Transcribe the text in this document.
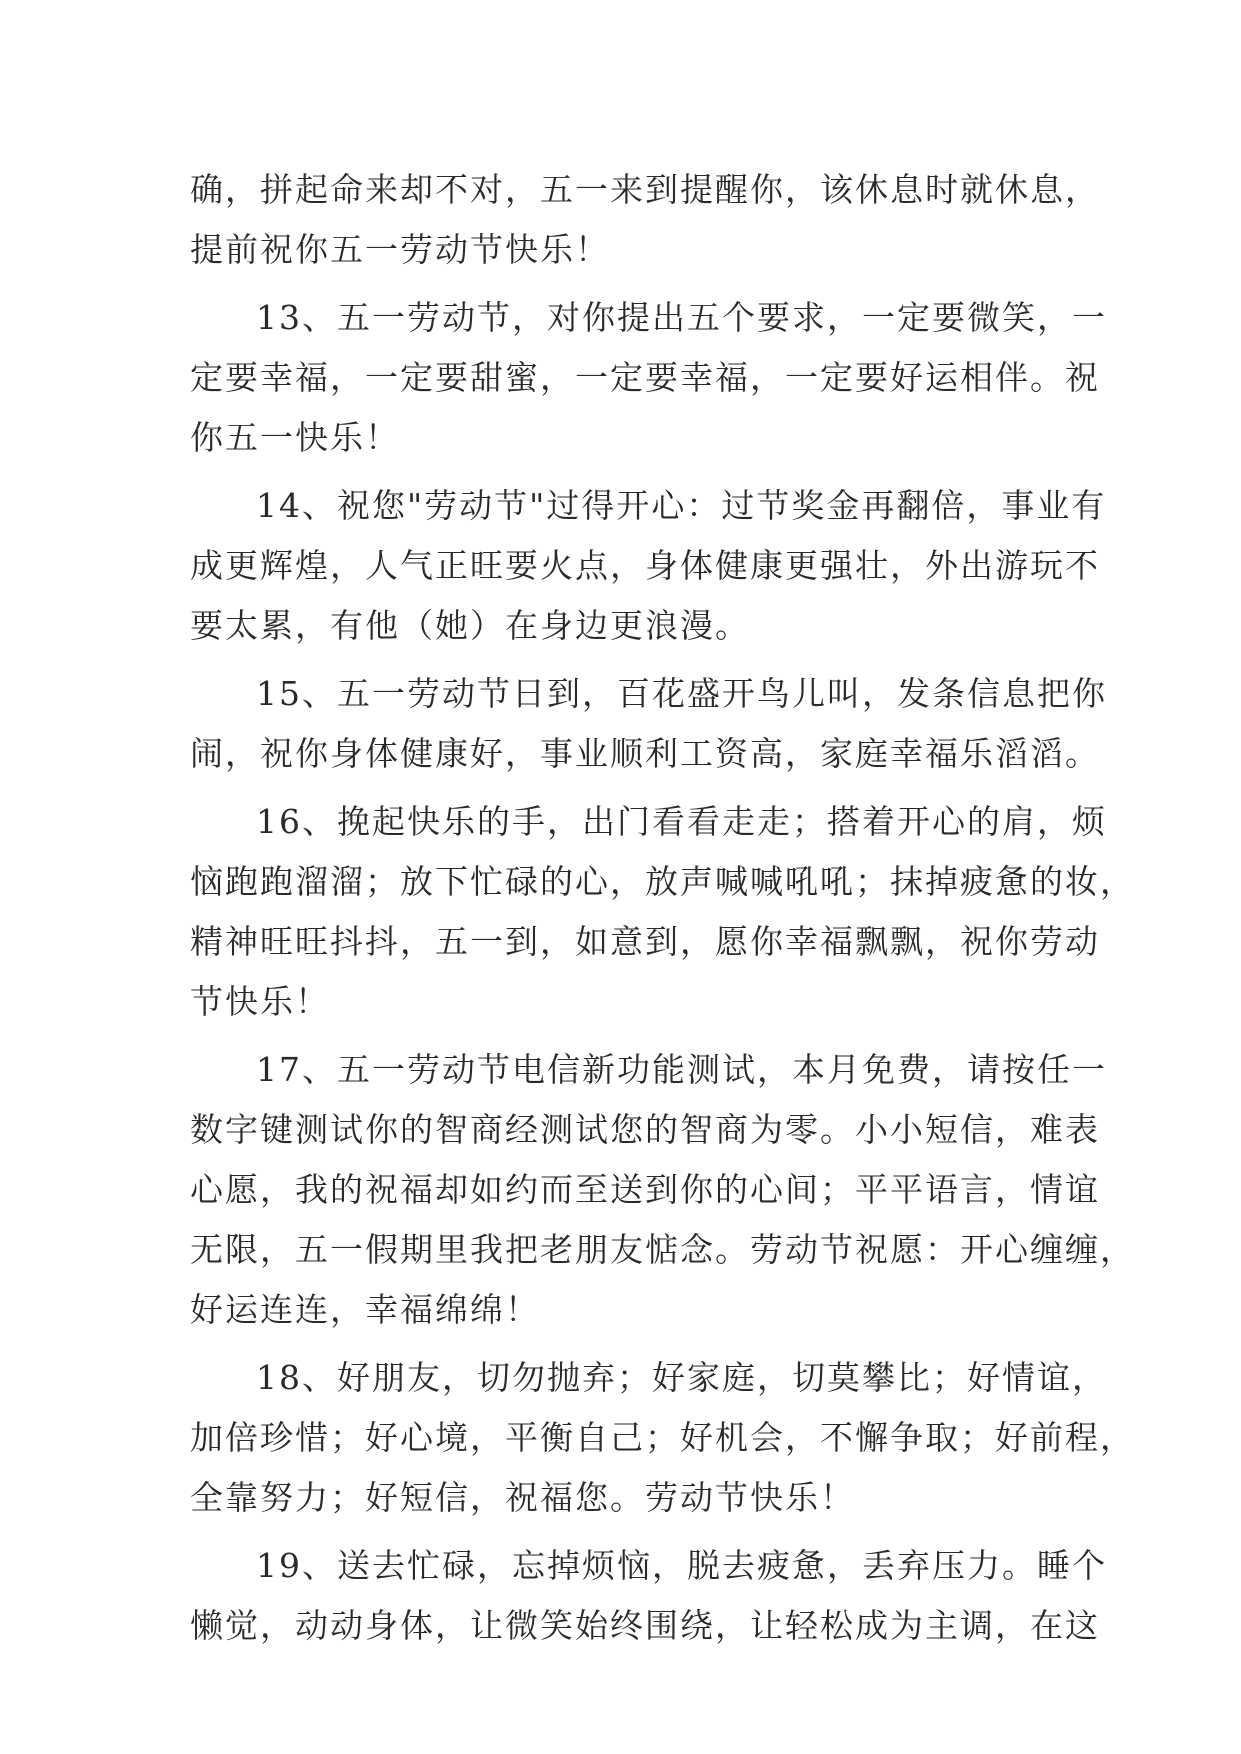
确，拼起命来却不对，五一来到提醒你，该休息时就休息，
提前祝你五一劳动节快乐！
13、五一劳动节，对你提出五个要求，一定要微笑，一
定要幸福，一定要甜蜜，一定要幸福，一定要好运相伴。祝
你五一快乐！
14、祝您"劳动节"过得开心：过节奖金再翻倍，事业有
成更辉煌，人气正旺要火点，身体健康更强壮，外出游玩不
要太累，有他（她）在身边更浪漫。
15、五一劳动节日到，百花盛开鸟儿叫，发条信息把你
闹，祝你身体健康好，事业顺利工资高，家庭幸福乐滔滔。
16、挽起快乐的手，出门看看走走；搭着开心的肩，烦
恼跑跑溜溜；放下忙碌的心，放声喊喊吼吼；抹掉疲惫的妆，
精神旺旺抖抖，五一到，如意到，愿你幸福飘飘，祝你劳动
节快乐！
17、五一劳动节电信新功能测试，本月免费，请按任一
数字键测试你的智商经测试您的智商为零。小小短信，难表
心愿，我的祝福却如约而至送到你的心间；平平语言，情谊
无限，五一假期里我把老朋友惦念。劳动节祝愿：开心缠缠，
好运连连，幸福绵绵！
18、好朋友，切勿抛弃；好家庭，切莫攀比；好情谊，
加倍珍惜；好心境，平衡自己；好机会，不懈争取；好前程，
全靠努力；好短信，祝福您。劳动节快乐！
19、送去忙碌，忘掉烦恼，脱去疲惫，丢弃压力。睡个
懒觉，动动身体，让微笑始终围绕，让轻松成为主调，在这
